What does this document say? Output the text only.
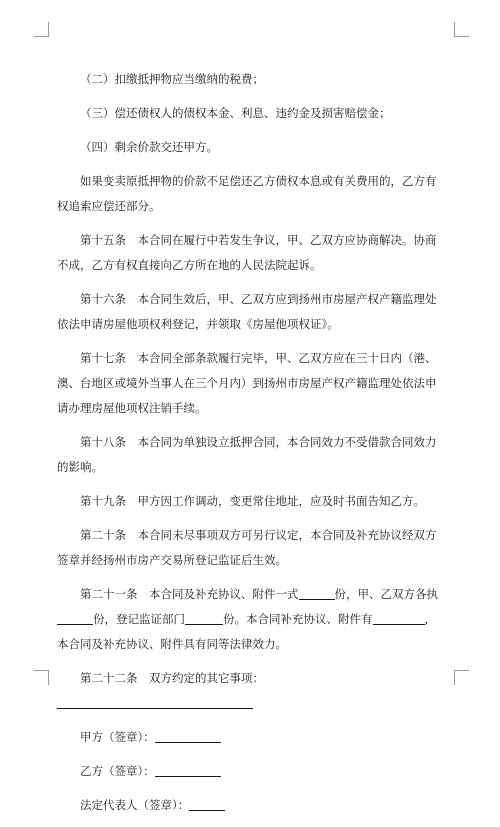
（二）扣缴抵押物应当缴纳的税费；

（三）偿还债权人的债权本金、利息、违约金及损害赔偿金；

（四）剩余价款交还甲方。

如果变卖原抵押物的价款不足偿还乙方债权本息或有关费用的，乙方有权追索应偿还部分。

第十五条　本合同在履行中若发生争议，甲、乙双方应协商解决。协商不成，乙方有权直接向乙方所在地的人民法院起诉。

第十六条　本合同生效后，甲、乙双方应到扬州市房屋产权产籍监理处依法申请房屋他项权利登记，并领取《房屋他项权证》。

第十七条　本合同全部条款履行完毕，甲、乙双方应在三十日内（港、澳、台地区或境外当事人在三个月内）到扬州市房屋产权产籍监理处依法申请办理房屋他项权注销手续。

第十八条　本合同为单独设立抵押合同，本合同效力不受借款合同效力的影响。

第十九条　甲方因工作调动，变更常住地址，应及时书面告知乙方。

第二十条　本合同未尽事项双方可另行议定，本合同及补充协议经双方签章并经扬州市房产交易所登记监证后生效。

第二十一条　本合同及补充协议、附件一式	份，甲、乙双方各执份，登记监证部门	份。本合同补充协议、附件有	，本合同及补充协议、附件具有同等法律效力。

第二十二条　双方约定的其它事项：

甲方（签章）：

乙方（签章）：

法定代表人（签章）：
